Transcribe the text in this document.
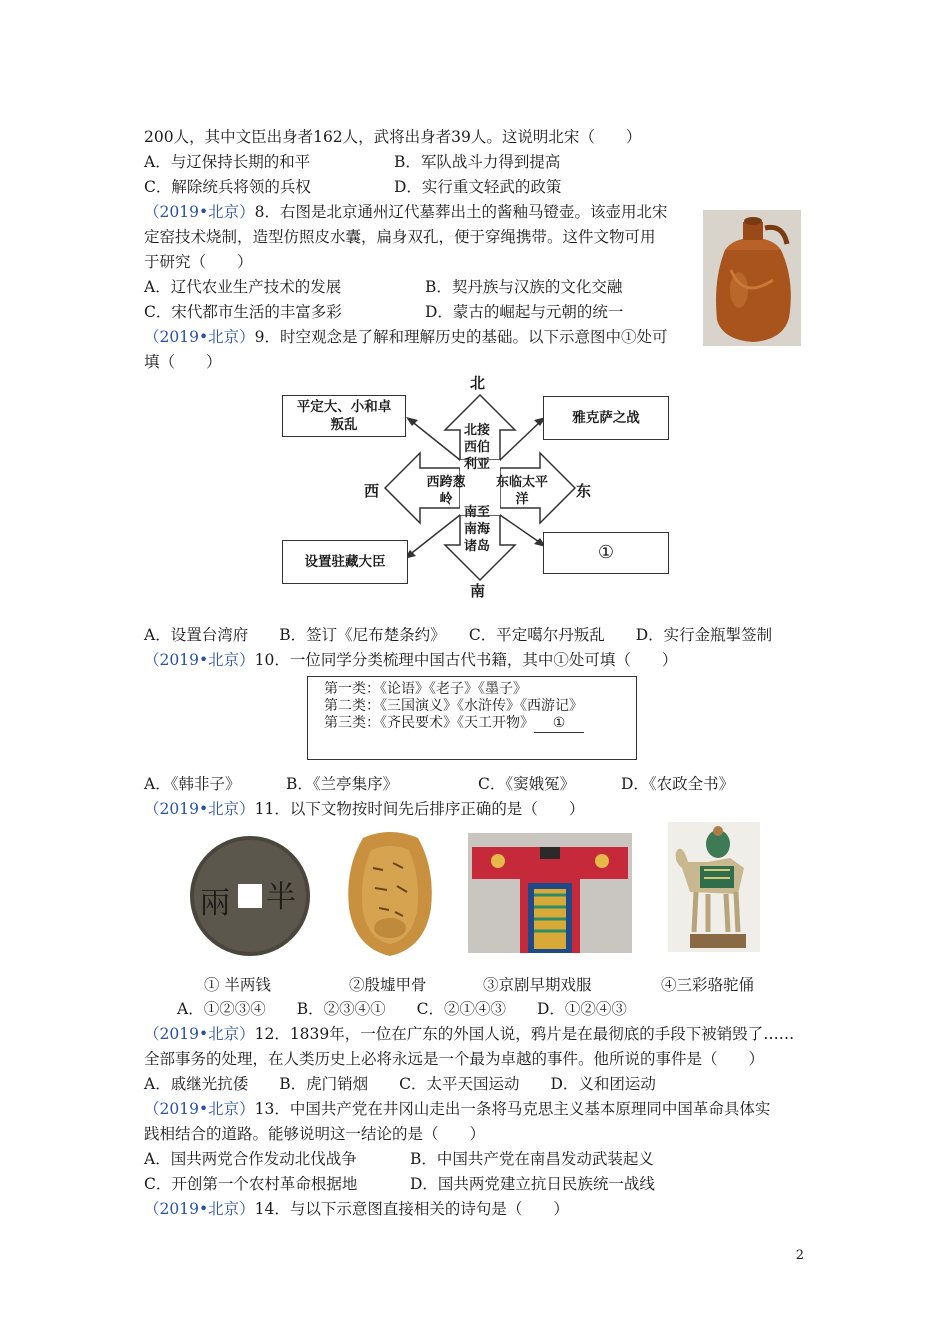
200人，其中文臣出身者162人，武将出身者39人。这说明北宋（　　）
A．与辽保持长期的和平	B．军队战斗力得到提高
C．解除统兵将领的兵权	D．实行重文轻武的政策
（2019•北京）8．右图是北京通州辽代墓葬出土的酱釉马镫壶。该壶用北宋
定窑技术烧制，造型仿照皮水囊，扁身双孔，便于穿绳携带。这件文物可用
于研究（　　）
A．辽代农业生产技术的发展	B．契丹族与汉族的文化交融
C．宋代都市生活的丰富多彩	D．蒙古的崛起与元朝的统一
（2019•北京）9．时空观念是了解和理解历史的基础。以下示意图中①处可
填（　　）
北
南
西	东
北接西伯利亚
西跨葱岭
东临太平洋
南至南海诸岛
平定大、小和卓叛乱	雅克萨之战
设置驻藏大臣	①
A．设置台湾府　　B．签订《尼布楚条约》　　C．平定噶尔丹叛乱　　D．实行金瓶掣签制
（2019•北京）10．一位同学分类梳理中国古代书籍，其中①处可填（　　）
第一类：《论语》《老子》《墨子》
第二类：《三国演义》《水浒传》《西游记》
第三类：《齐民要术》《天工开物》 ①
A．《韩非子》	B．《兰亭集序》	C．《窦娥冤》	D．《农政全书》
（2019•北京）11．以下文物按时间先后排序正确的是（　　）
兩 半
① 半两钱	②殷墟甲骨	③京剧早期戏服	④三彩骆驼俑
A．①②③④　　B．②③④①　　C．②①④③　　D．①②④③
（2019•北京）12．1839年，一位在广东的外国人说，鸦片是在最彻底的手段下被销毁了……
全部事务的处理，在人类历史上必将永远是一个最为卓越的事件。他所说的事件是（　　）
A．戚继光抗倭　　B．虎门销烟　　C．太平天国运动　　D．义和团运动
（2019•北京）13．中国共产党在井冈山走出一条将马克思主义基本原理同中国革命具体实
践相结合的道路。能够说明这一结论的是（　　）
A．国共两党合作发动北伐战争	B．中国共产党在南昌发动武装起义
C．开创第一个农村革命根据地	D．国共两党建立抗日民族统一战线
（2019•北京）14．与以下示意图直接相关的诗句是（　　）
2
